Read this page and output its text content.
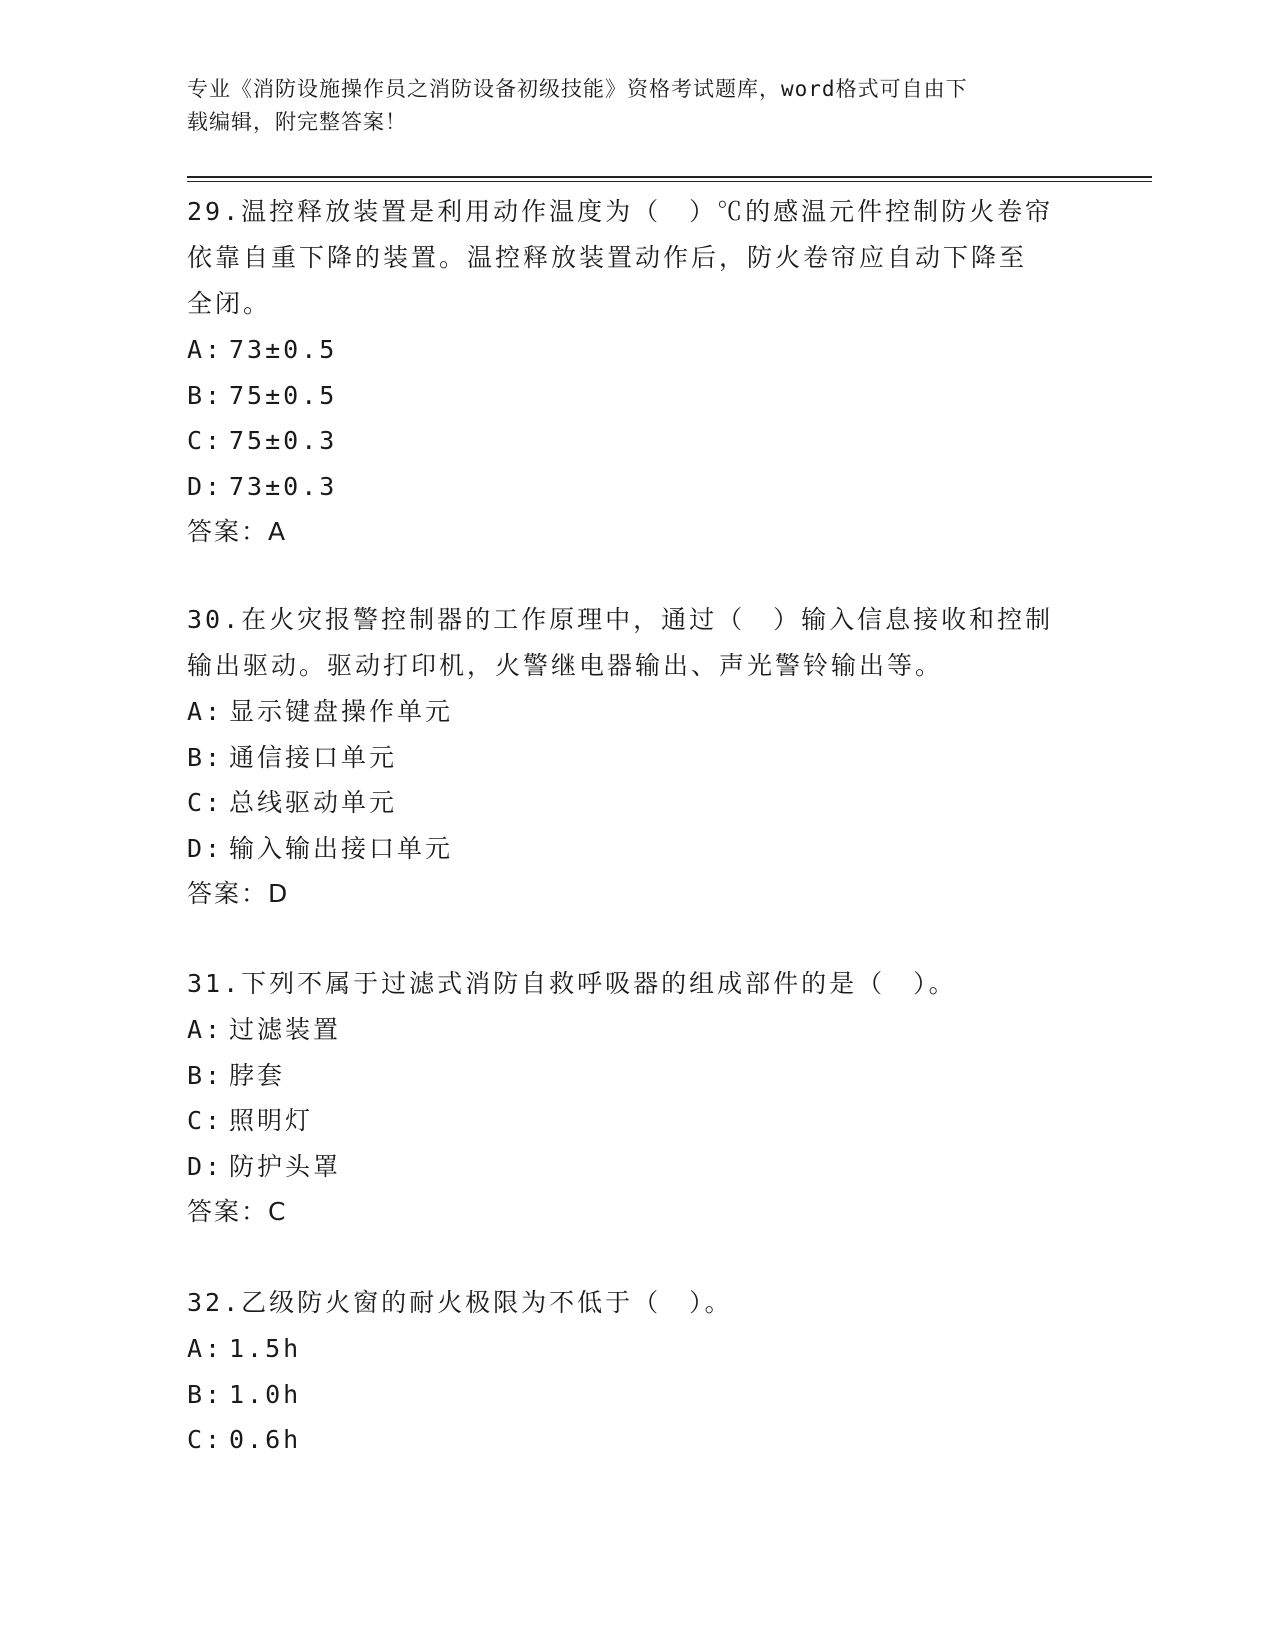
专业《消防设施操作员之消防设备初级技能》资格考试题库，word格式可自由下
载编辑，附完整答案！
29.温控释放装置是利用动作温度为（　）℃的感温元件控制防火卷帘
依靠自重下降的装置。温控释放装置动作后，防火卷帘应自动下降至
全闭。
A: 73±0.5
B: 75±0.5
C: 75±0.3
D: 73±0.3
答案：A
30.在火灾报警控制器的工作原理中，通过（　）输入信息接收和控制
输出驱动。驱动打印机，火警继电器输出、声光警铃输出等。
A: 显示键盘操作单元
B: 通信接口单元
C: 总线驱动单元
D: 输入输出接口单元
答案：D
31.下列不属于过滤式消防自救呼吸器的组成部件的是（　）。
A: 过滤装置
B: 脖套
C: 照明灯
D: 防护头罩
答案：C
32.乙级防火窗的耐火极限为不低于（　）。
A: 1.5h
B: 1.0h
C: 0.6h
